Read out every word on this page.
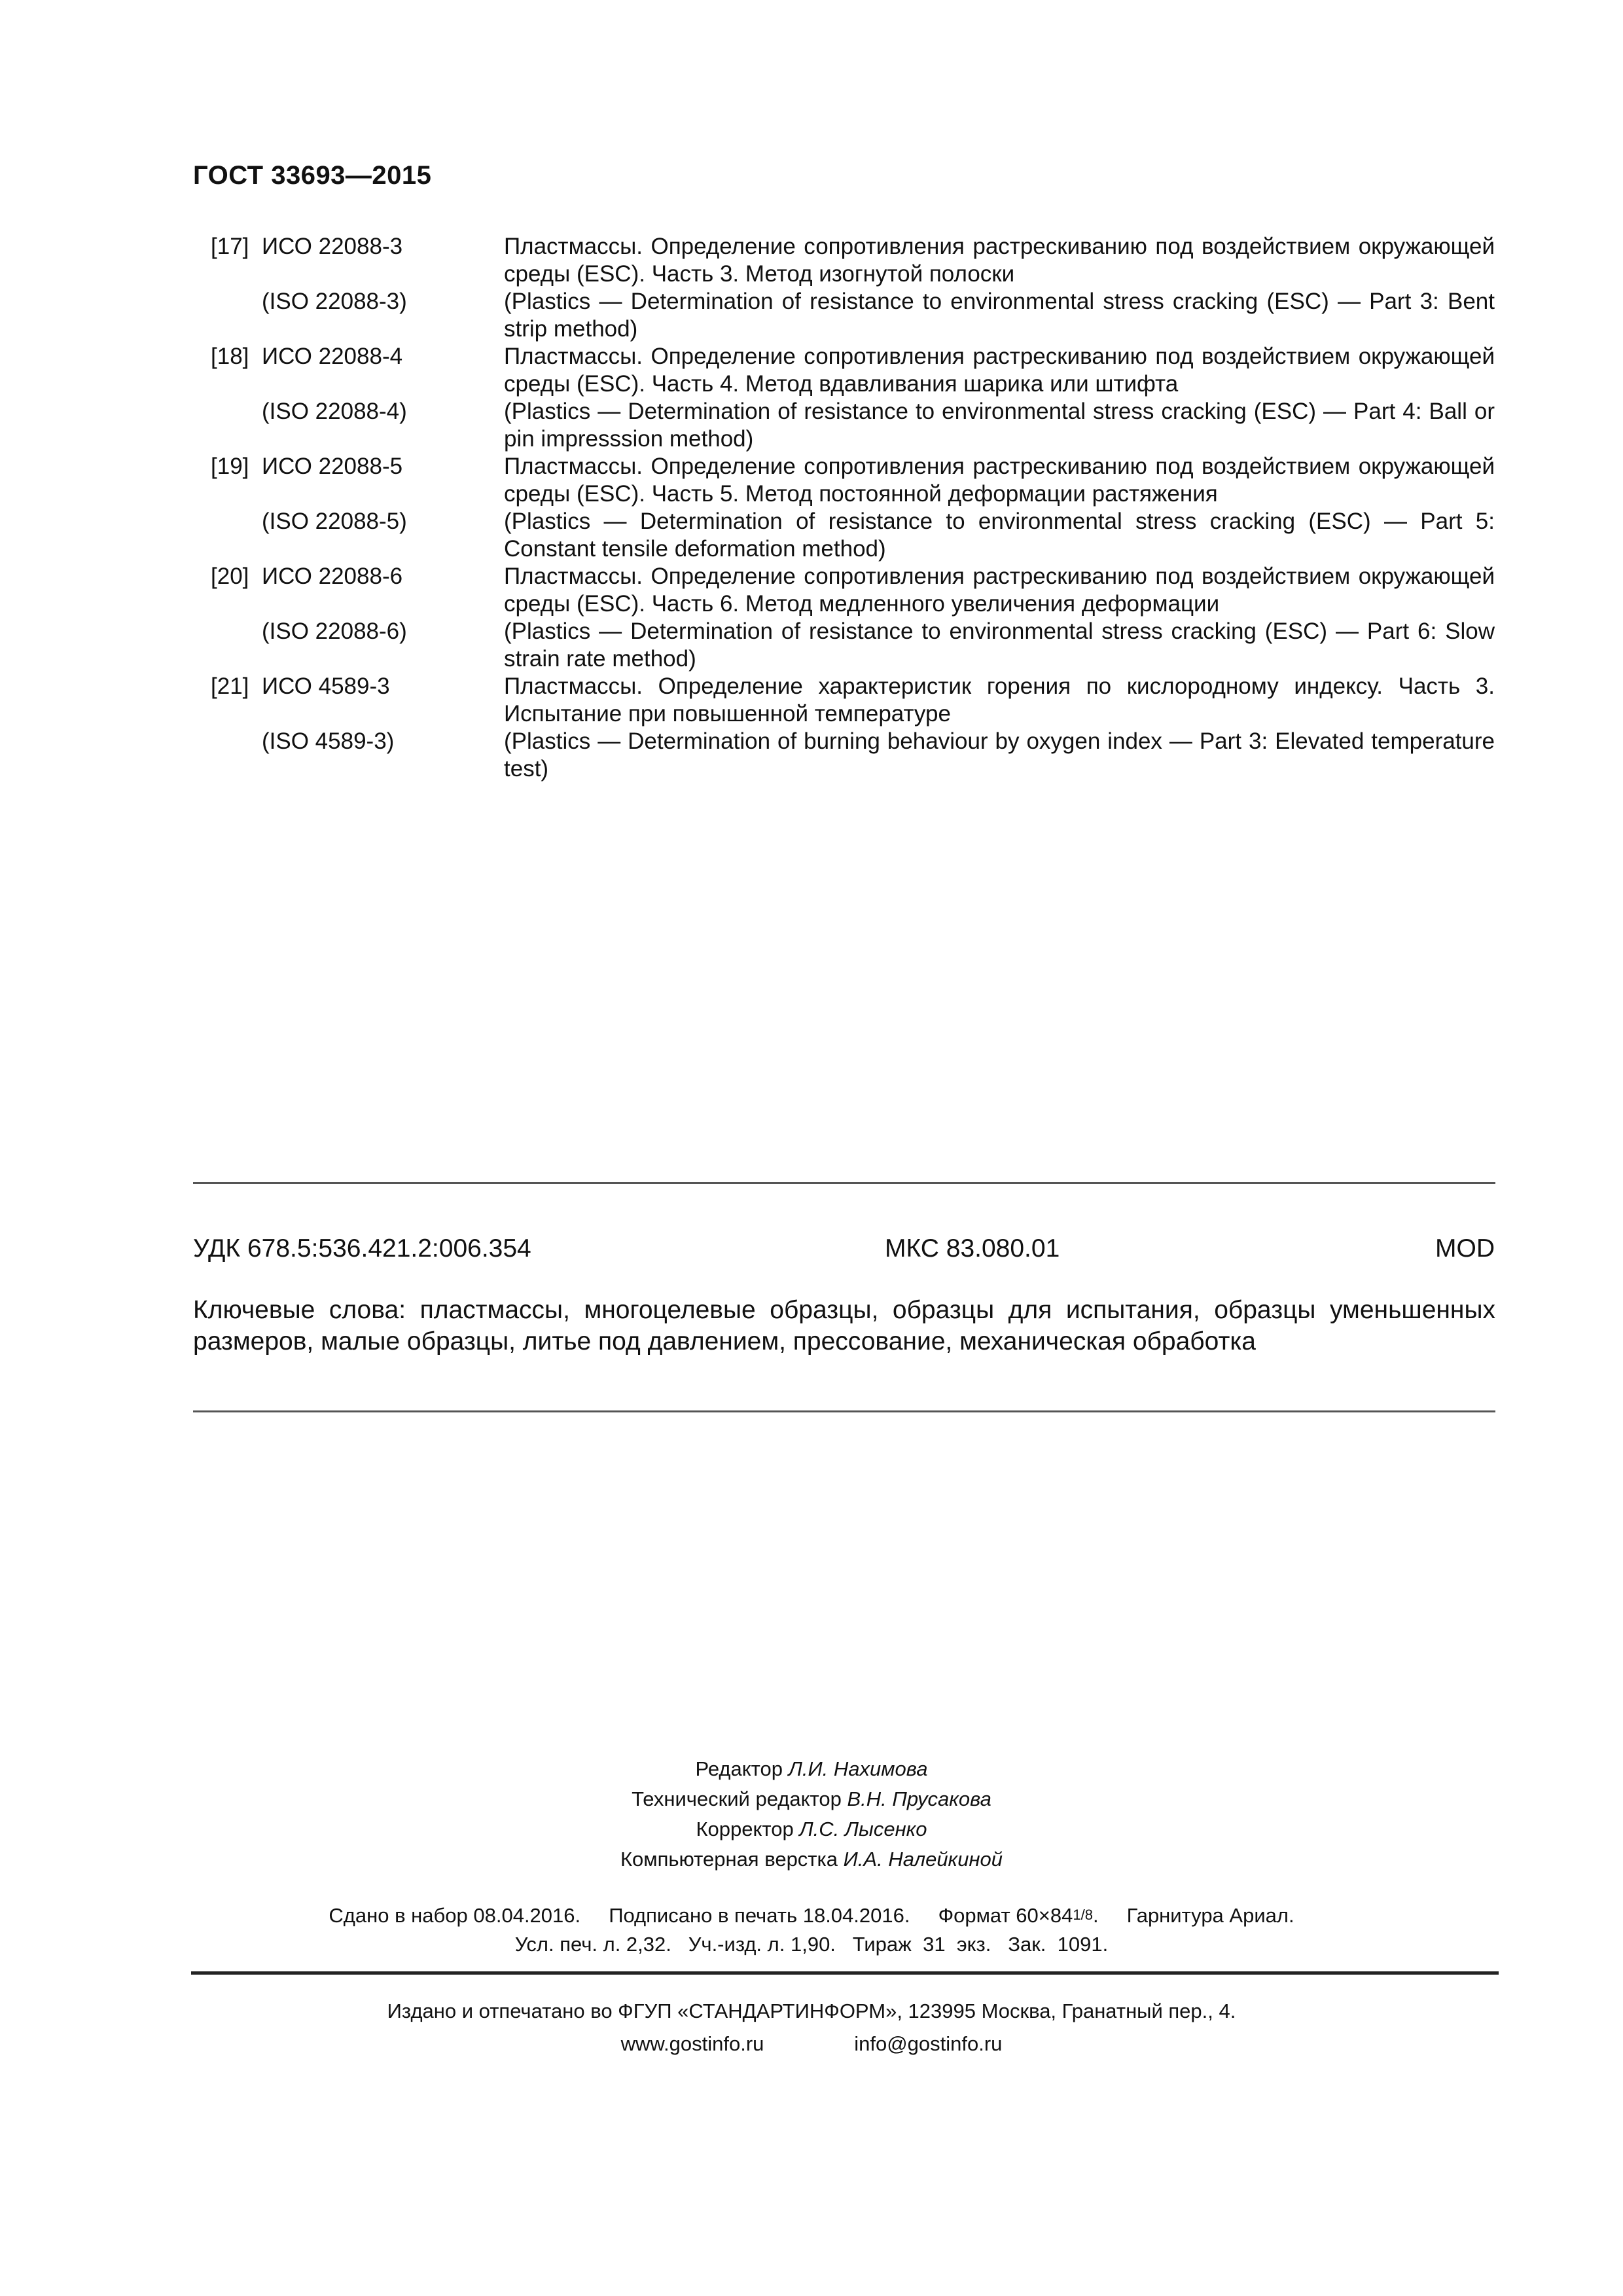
ГОСТ 33693—2015
[17] ИСО 22088-3	Пластмассы. Определение сопротивления растрескиванию под воздействием окружающей среды (ESC). Часть 3. Метод изогнутой полоски
(ISO 22088-3)	(Plastics — Determination of resistance to environmental stress cracking (ESC) — Part 3: Bent strip method)
[18] ИСО 22088-4	Пластмассы. Определение сопротивления растрескиванию под воздействием окружающей среды (ESC). Часть 4. Метод вдавливания шарика или штифта
(ISO 22088-4)	(Plastics — Determination of resistance to environmental stress cracking (ESC) — Part 4: Ball or pin impresssion method)
[19] ИСО 22088-5	Пластмассы. Определение сопротивления растрескиванию под воздействием окружающей среды (ESC). Часть 5. Метод постоянной деформации растяжения
(ISO 22088-5)	(Plastics — Determination of resistance to environmental stress cracking (ESC) — Part 5: Constant tensile deformation method)
[20] ИСО 22088-6	Пластмассы. Определение сопротивления растрескиванию под воздействием окружающей среды (ESC). Часть 6. Метод медленного увеличения деформации
(ISO 22088-6)	(Plastics — Determination of resistance to environmental stress cracking (ESC) — Part 6: Slow strain rate method)
[21] ИСО 4589-3	Пластмассы. Определение характеристик горения по кислородному индексу. Часть 3. Испытание при повышенной температуре
(ISO 4589-3)	(Plastics — Determination of burning behaviour by oxygen index — Part 3: Elevated temperature test)
УДК 678.5:536.421.2:006.354	МКС 83.080.01	MOD
Ключевые слова: пластмассы, многоцелевые образцы, образцы для испытания, образцы уменьшенных размеров, малые образцы, литье под давлением, прессование, механическая обработка
Редактор Л.И. Нахимова
Технический редактор В.Н. Прусакова
Корректор Л.С. Лысенко
Компьютерная верстка И.А. Налейкиной
Сдано в набор 08.04.2016. Подписано в печать 18.04.2016. Формат 60×841/8.     Гарнитура Ариал.
Усл. печ. л. 2,32. Уч.-изд. л. 1,90. Тираж  31  экз. Зак.  1091.
Издано и отпечатано во ФГУП «СТАНДАРТИНФОРМ», 123995 Москва, Гранатный пер., 4.
www.gostinfo.ru	info@gostinfo.ru
